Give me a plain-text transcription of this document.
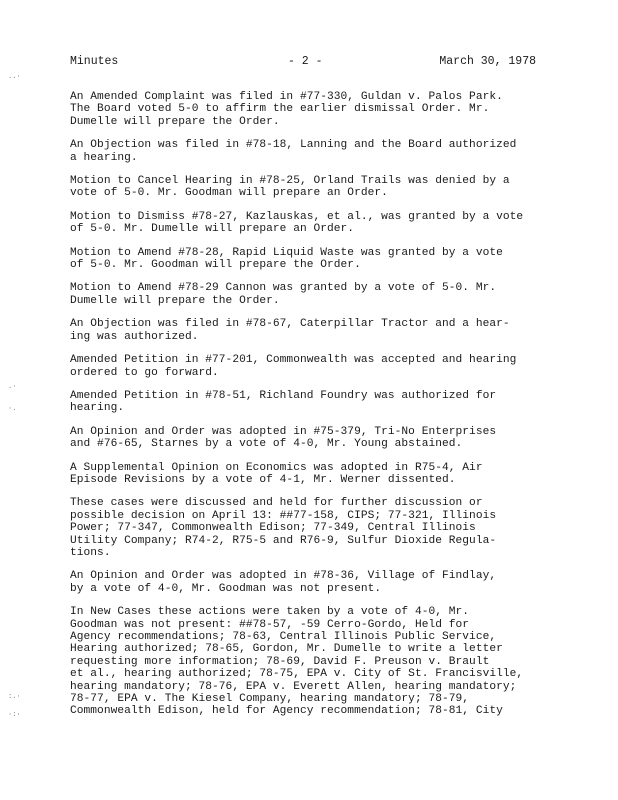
Minutes	- 2 -	March 30, 1978

An Amended Complaint was filed in #77-330, Guldan v. Palos Park.
The Board voted 5-0 to affirm the earlier dismissal Order. Mr.
Dumelle will prepare the Order.

An Objection was filed in #78-18, Lanning and the Board authorized
a hearing.

Motion to Cancel Hearing in #78-25, Orland Trails was denied by a
vote of 5-0. Mr. Goodman will prepare an Order.

Motion to Dismiss #78-27, Kazlauskas, et al., was granted by a vote
of 5-0. Mr. Dumelle will prepare an Order.

Motion to Amend #78-28, Rapid Liquid Waste was granted by a vote
of 5-0. Mr. Goodman will prepare the Order.

Motion to Amend #78-29 Cannon was granted by a vote of 5-0. Mr.
Dumelle will prepare the Order.

An Objection was filed in #78-67, Caterpillar Tractor and a hear-
ing was authorized.

Amended Petition in #77-201, Commonwealth was accepted and hearing
ordered to go forward.

Amended Petition in #78-51, Richland Foundry was authorized for
hearing.

An Opinion and Order was adopted in #75-379, Tri-No Enterprises
and #76-65, Starnes by a vote of 4-0, Mr. Young abstained.

A Supplemental Opinion on Economics was adopted in R75-4, Air
Episode Revisions by a vote of 4-1, Mr. Werner dissented.

These cases were discussed and held for further discussion or
possible decision on April 13: ##77-158, CIPS; 77-321, Illinois
Power; 77-347, Commonwealth Edison; 77-349, Central Illinois
Utility Company; R74-2, R75-5 and R76-9, Sulfur Dioxide Regula-
tions.

An Opinion and Order was adopted in #78-36, Village of Findlay,
by a vote of 4-0, Mr. Goodman was not present.

In New Cases these actions were taken by a vote of 4-0, Mr.
Goodman was not present: ##78-57, -59 Cerro-Gordo, Held for
Agency recommendations; 78-63, Central Illinois Public Service,
Hearing authorized; 78-65, Gordon, Mr. Dumelle to write a letter
requesting more information; 78-69, David F. Preuson v. Brault
et al., hearing authorized; 78-75, EPA v. City of St. Francisville,
hearing mandatory; 78-76, EPA v. Everett Allen, hearing mandatory;
78-77, EPA v. The Kiesel Company, hearing mandatory; 78-79,
Commonwealth Edison, held for Agency recommendation; 78-81, City

..·
.·
·.
:.·
·:·
